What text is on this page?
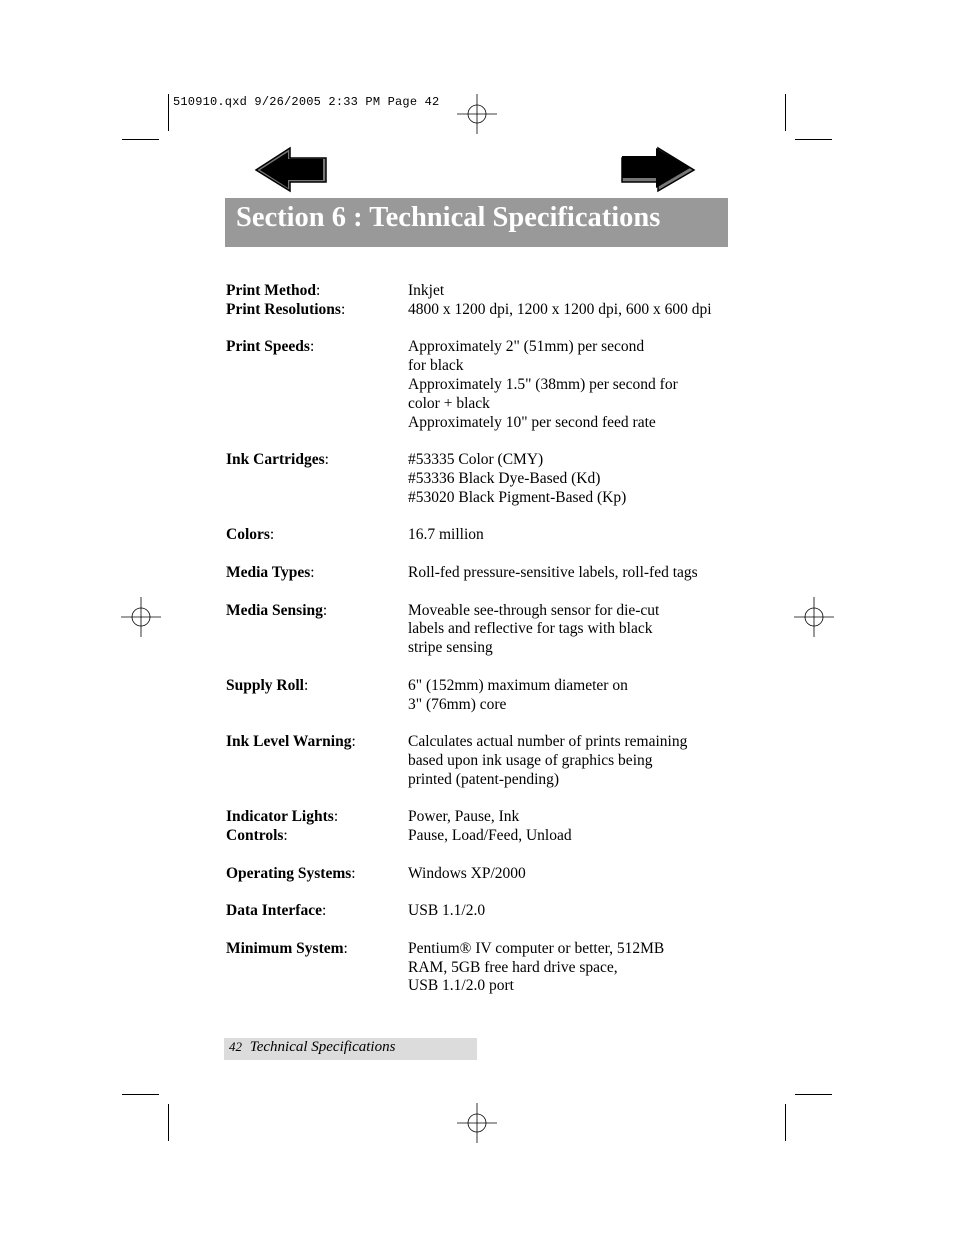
510910.qxd 9/26/2005 2:33 PM Page 42
Section 6 : Technical Specifications
Print Method:	Inkjet
Print Resolutions:	4800 x 1200 dpi, 1200 x 1200 dpi, 600 x 600 dpi
Print Speeds:	Approximately 2" (51mm) per second
for black
Approximately 1.5" (38mm) per second for
color + black
Approximately 10" per second feed rate
Ink Cartridges:	#53335 Color (CMY)
#53336 Black Dye-Based (Kd)
#53020 Black Pigment-Based (Kp)
Colors:	16.7 million
Media Types:	Roll-fed pressure-sensitive labels, roll-fed tags
Media Sensing:	Moveable see-through sensor for die-cut
labels and reflective for tags with black
stripe sensing
Supply Roll:	6" (152mm) maximum diameter on
3" (76mm) core
Ink Level Warning:	Calculates actual number of prints remaining
based upon ink usage of graphics being
printed (patent-pending)
Indicator Lights:	Power, Pause, Ink
Controls:	Pause, Load/Feed, Unload
Operating Systems:	Windows XP/2000
Data Interface:	USB 1.1/2.0
Minimum System:	Pentium® IV computer or better, 512MB
RAM, 5GB free hard drive space,
USB 1.1/2.0 port
42 Technical Specifications
